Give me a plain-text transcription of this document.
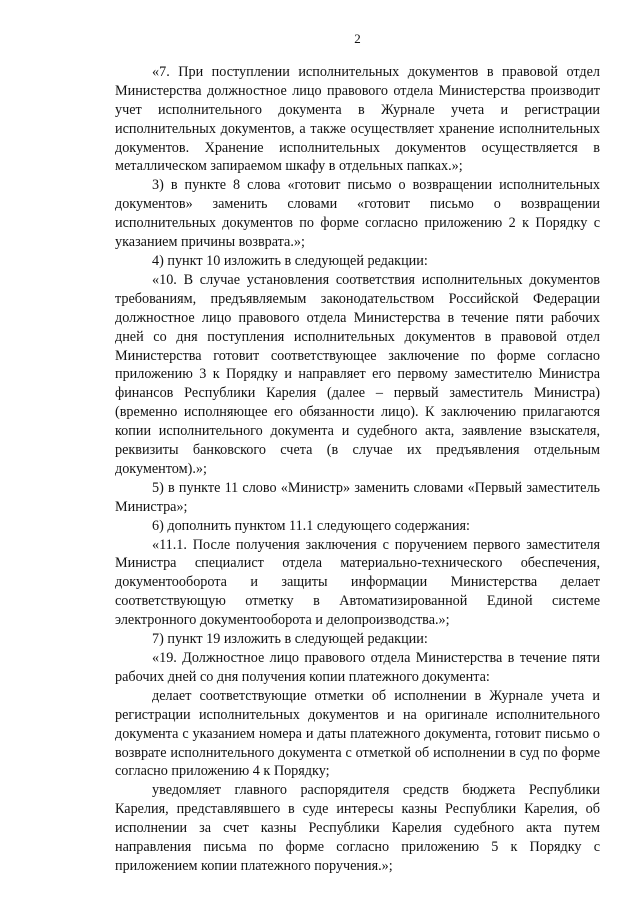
2

«7. При поступлении исполнительных документов в правовой отдел Министерства должностное лицо правового отдела Министерства производит учет исполнительного документа в Журнале учета и регистрации исполнительных документов, а также осуществляет хранение исполнительных документов. Хранение исполнительных документов осуществляется в металлическом запираемом шкафу в отдельных папках.»;

3) в пункте 8 слова «готовит письмо о возвращении исполнительных документов» заменить словами «готовит письмо о возвращении исполнительных документов по форме согласно приложению 2 к Порядку с указанием причины возврата.»;

4) пункт 10 изложить в следующей редакции:

«10. В случае установления соответствия исполнительных документов требованиям, предъявляемым законодательством Российской Федерации должностное лицо правового отдела Министерства в течение пяти рабочих дней со дня поступления исполнительных документов в правовой отдел Министерства готовит соответствующее заключение по форме согласно приложению 3 к Порядку и направляет его первому заместителю Министра финансов Республики Карелия (далее – первый заместитель Министра) (временно исполняющее его обязанности лицо). К заключению прилагаются копии исполнительного документа и судебного акта, заявление взыскателя, реквизиты банковского счета (в случае их предъявления отдельным документом).»;

5) в пункте 11 слово «Министр» заменить словами «Первый заместитель Министра»;

6) дополнить пунктом 11.1 следующего содержания:

«11.1. После получения заключения с поручением первого заместителя Министра специалист отдела материально-технического обеспечения, документооборота и защиты информации Министерства делает соответствующую отметку в Автоматизированной Единой системе электронного документооборота и делопроизводства.»;

7) пункт 19 изложить в следующей редакции:

«19. Должностное лицо правового отдела Министерства в течение пяти рабочих дней со дня получения копии платежного документа:

делает соответствующие отметки об исполнении в Журнале учета и регистрации исполнительных документов и на оригинале исполнительного документа с указанием номера и даты платежного документа, готовит письмо о возврате исполнительного документа с отметкой об исполнении в суд по форме согласно приложению 4 к Порядку;

уведомляет главного распорядителя средств бюджета Республики Карелия, представлявшего в суде интересы казны Республики Карелия, об исполнении за счет казны Республики Карелия судебного акта путем направления письма по форме согласно приложению 5 к Порядку с приложением копии платежного поручения.»;
